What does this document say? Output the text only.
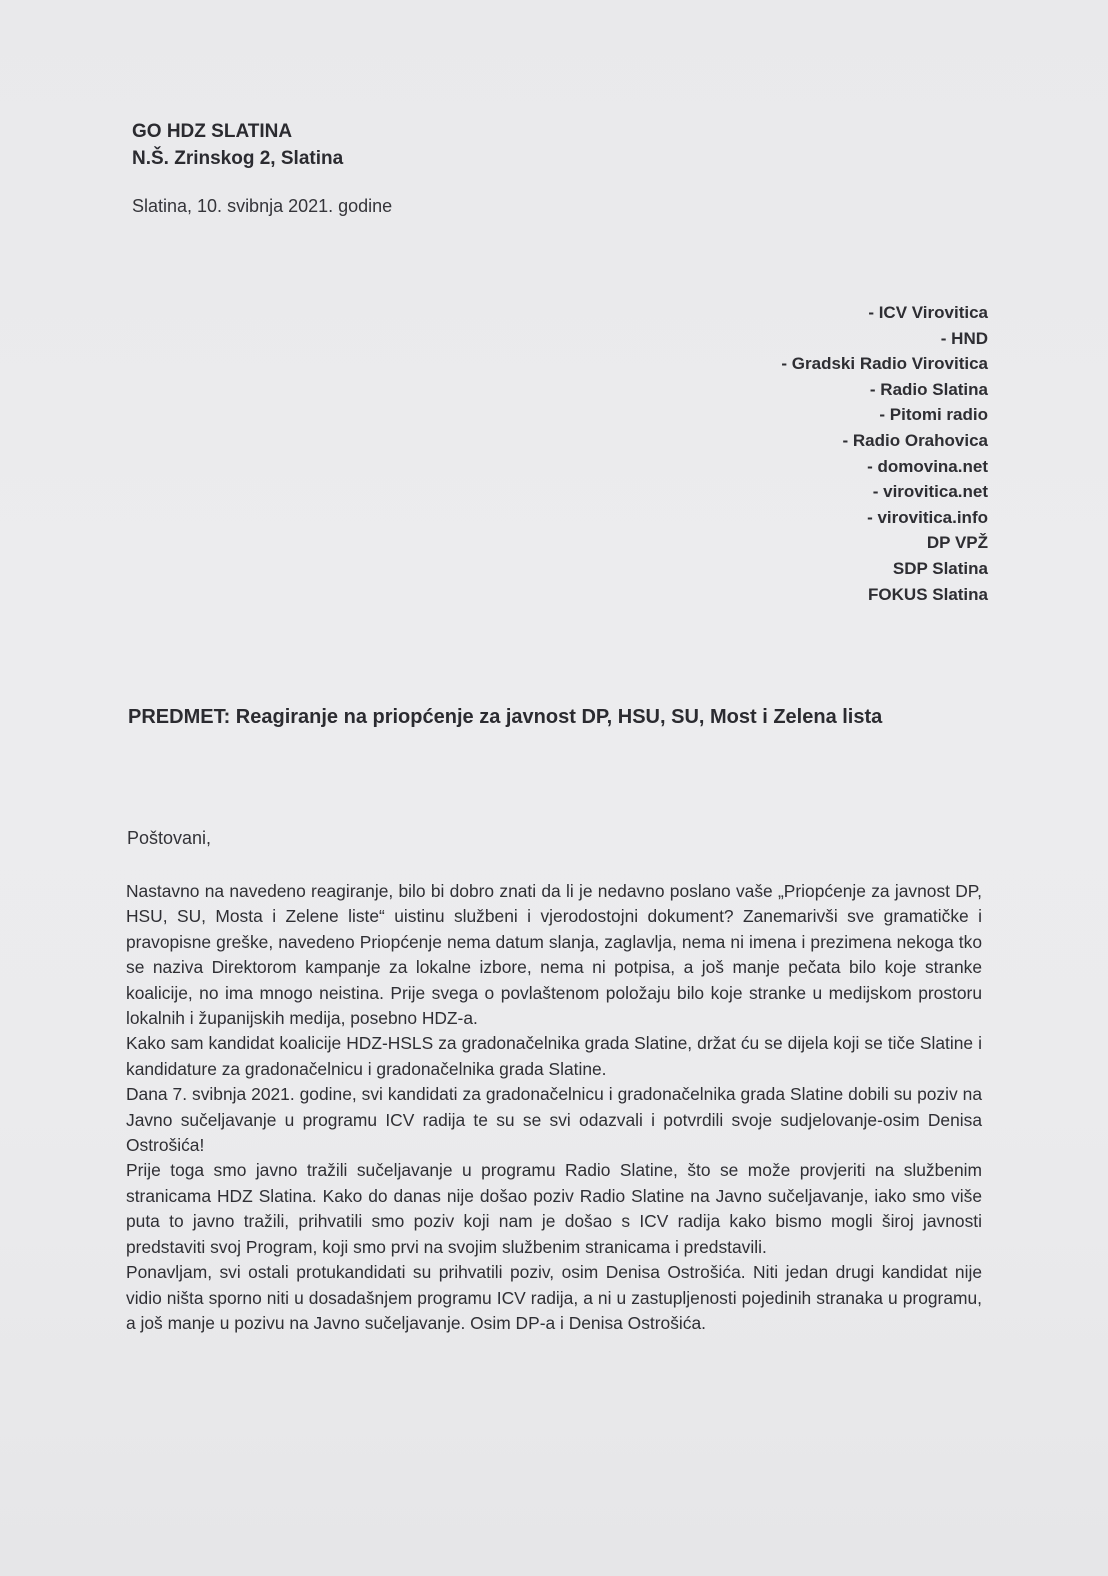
GO HDZ SLATINA
N.Š. Zrinskog 2, Slatina
Slatina, 10. svibnja 2021. godine
- ICV Virovitica
- HND
- Gradski Radio Virovitica
- Radio Slatina
- Pitomi radio
- Radio Orahovica
- domovina.net
- virovitica.net
- virovitica.info
DP VPŽ
SDP Slatina
FOKUS Slatina
PREDMET: Reagiranje na priopćenje za javnost DP, HSU, SU, Most i Zelena lista
Poštovani,

Nastavno na navedeno reagiranje, bilo bi dobro znati da li je nedavno poslano vaše „Priopćenje za javnost DP, HSU, SU, Mosta i Zelene liste“ uistinu službeni i vjerodostojni dokument? Zanemarivši sve gramatičke i pravopisne greške, navedeno Priopćenje nema datum slanja, zaglavlja, nema ni imena i prezimena nekoga tko se naziva Direktorom kampanje za lokalne izbore, nema ni potpisa, a još manje pečata bilo koje stranke koalicije, no ima mnogo neistina. Prije svega o povlaštenom položaju bilo koje stranke u medijskom prostoru lokalnih i županijskih medija, posebno HDZ-a.

Kako sam kandidat koalicije HDZ-HSLS za gradonačelnika grada Slatine, držat ću se dijela koji se tiče Slatine i kandidature za gradonačelnicu i gradonačelnika grada Slatine.

Dana 7. svibnja 2021. godine, svi kandidati za gradonačelnicu i gradonačelnika grada Slatine dobili su poziv na Javno sučeljavanje u programu ICV radija te su se svi odazvali i potvrdili svoje sudjelovanje-osim Denisa Ostrošića!

Prije toga smo javno tražili sučeljavanje u programu Radio Slatine, što se može provjeriti na službenim stranicama HDZ Slatina. Kako do danas nije došao poziv Radio Slatine na Javno sučeljavanje, iako smo više puta to javno tražili, prihvatili smo poziv koji nam je došao s ICV radija kako bismo mogli široj javnosti predstaviti svoj Program, koji smo prvi na svojim službenim stranicama i predstavili.

Ponavljam, svi ostali protukandidati su prihvatili poziv, osim Denisa Ostrošića. Niti jedan drugi kandidat nije vidio ništa sporno niti u dosadašnjem programu ICV radija, a ni u zastupljenosti pojedinih stranaka u programu, a još manje u pozivu na Javno sučeljavanje. Osim DP-a i Denisa Ostrošića.
